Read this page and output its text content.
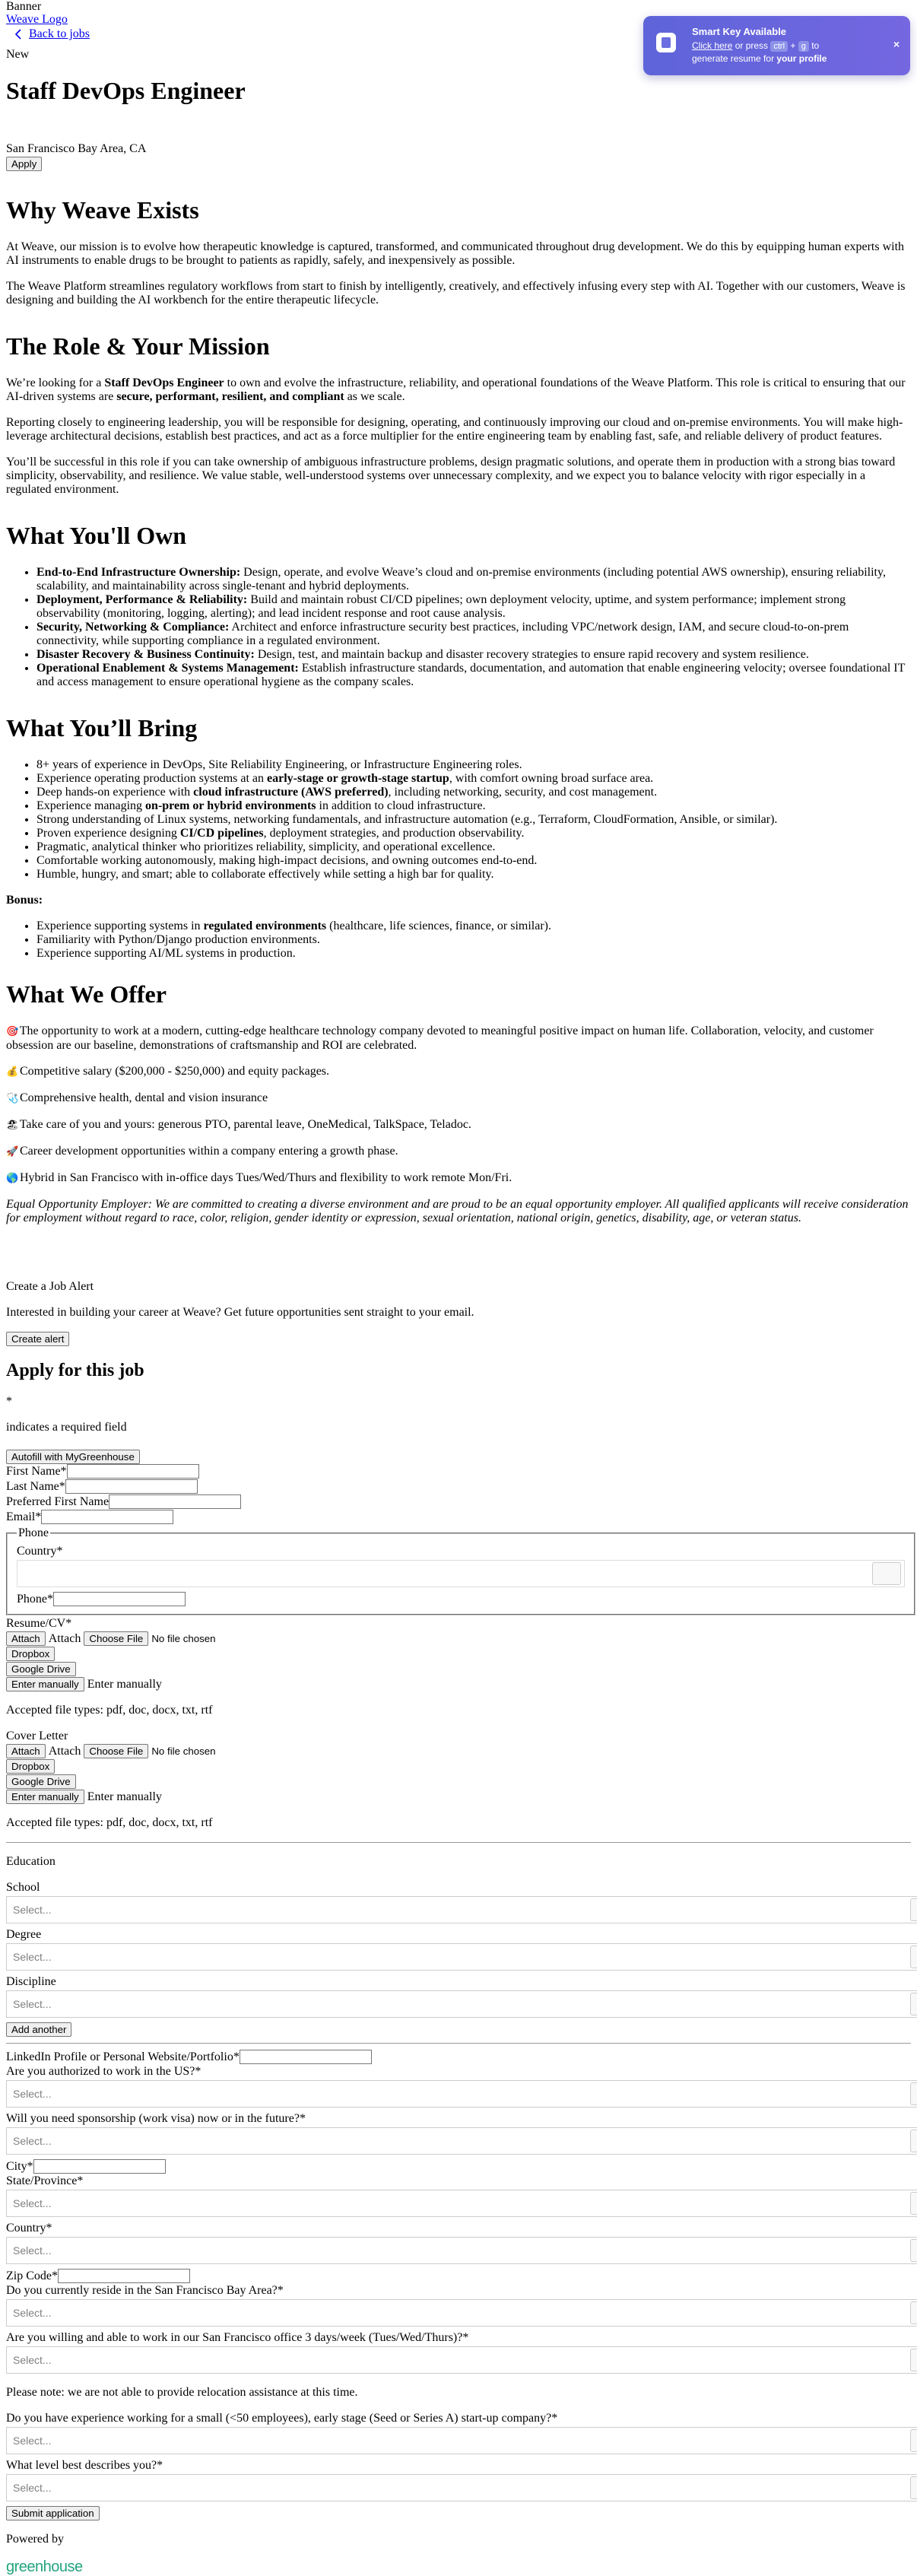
Banner
Weave Logo
Back to jobs
New
Staff DevOps Engineer

San Francisco Bay Area, CA

Apply
Why Weave Exists

At Weave, our mission is to evolve how therapeutic knowledge is captured, transformed, and communicated throughout drug development. We do this by equipping human experts with AI instruments to enable drugs to be brought to patients as rapidly, safely, and inexpensively as possible.

The Weave Platform streamlines regulatory workflows from start to finish by intelligently, creatively, and effectively infusing every step with AI. Together with our customers, Weave is designing and building the AI workbench for the entire therapeutic lifecycle.

The Role & Your Mission

We’re looking for a Staff DevOps Engineer to own and evolve the infrastructure, reliability, and operational foundations of the Weave Platform. This role is critical to ensuring that our AI-driven systems are secure, performant, resilient, and compliant as we scale.

Reporting closely to engineering leadership, you will be responsible for designing, operating, and continuously improving our cloud and on-premise environments. You will make high-leverage architectural decisions, establish best practices, and act as a force multiplier for the entire engineering team by enabling fast, safe, and reliable delivery of product features.

You’ll be successful in this role if you can take ownership of ambiguous infrastructure problems, design pragmatic solutions, and operate them in production with a strong bias toward simplicity, observability, and resilience. We value stable, well-understood systems over unnecessary complexity, and we expect you to balance velocity with rigor especially in a regulated environment.

What You'll Own
• End-to-End Infrastructure Ownership: Design, operate, and evolve Weave’s cloud and on-premise environments (including potential AWS ownership), ensuring reliability, scalability, and maintainability across single-tenant and hybrid deployments.
• Deployment, Performance & Reliability: Build and maintain robust CI/CD pipelines; own deployment velocity, uptime, and system performance; implement strong observability (monitoring, logging, alerting); and lead incident response and root cause analysis.
• Security, Networking & Compliance: Architect and enforce infrastructure security best practices, including VPC/network design, IAM, and secure cloud-to-on-prem connectivity, while supporting compliance in a regulated environment.
• Disaster Recovery & Business Continuity: Design, test, and maintain backup and disaster recovery strategies to ensure rapid recovery and system resilience.
• Operational Enablement & Systems Management: Establish infrastructure standards, documentation, and automation that enable engineering velocity; oversee foundational IT and access management to ensure operational hygiene as the company scales.
What You’ll Bring
• 8+ years of experience in DevOps, Site Reliability Engineering, or Infrastructure Engineering roles.
• Experience operating production systems at an early-stage or growth-stage startup, with comfort owning broad surface area.
• Deep hands-on experience with cloud infrastructure (AWS preferred), including networking, security, and cost management.
• Experience managing on-prem or hybrid environments in addition to cloud infrastructure.
• Strong understanding of Linux systems, networking fundamentals, and infrastructure automation (e.g., Terraform, CloudFormation, Ansible, or similar).
• Proven experience designing CI/CD pipelines, deployment strategies, and production observability.
• Pragmatic, analytical thinker who prioritizes reliability, simplicity, and operational excellence.
• Comfortable working autonomously, making high-impact decisions, and owning outcomes end-to-end.
• Humble, hungry, and smart; able to collaborate effectively while setting a high bar for quality.

Bonus:

• Experience supporting systems in regulated environments (healthcare, life sciences, finance, or similar).
• Familiarity with Python/Django production environments.
• Experience supporting AI/ML systems in production.
What We Offer

🎯 The opportunity to work at a modern, cutting-edge healthcare technology company devoted to meaningful positive impact on human life. Collaboration, velocity, and customer obsession are our baseline, demonstrations of craftsmanship and ROI are celebrated.

💰 Competitive salary ($200,000 - $250,000) and equity packages.

🩺 Comprehensive health, dental and vision insurance

🏖 Take care of you and yours: generous PTO, parental leave, OneMedical, TalkSpace, Teladoc.

🚀 Career development opportunities within a company entering a growth phase.

🌎 Hybrid in San Francisco with in-office days Tues/Wed/Thurs and flexibility to work remote Mon/Fri.

Equal Opportunity Employer: We are committed to creating a diverse environment and are proud to be an equal opportunity employer. All qualified applicants will receive consideration for employment without regard to race, color, religion, gender identity or expression, sexual orientation, national origin, genetics, disability, age, or veteran status.

Create a Job Alert

Interested in building your career at Weave? Get future opportunities sent straight to your email.

Create alert
Apply for this job

*

indicates a required field

Autofill with MyGreenhouse
First Name*
Last Name*
Preferred First Name
Email*
Phone
Country*
Phone*
Resume/CV*
Attach Attach Choose File No file chosen
Dropbox
Google Drive
Enter manually Enter manually

Accepted file types: pdf, doc, docx, txt, rtf

Cover Letter
Attach Attach Choose File No file chosen
Dropbox
Google Drive
Enter manually Enter manually

Accepted file types: pdf, doc, docx, txt, rtf

Education

School
Select...
Degree
Select...
Discipline
Select...
Add another
LinkedIn Profile or Personal Website/Portfolio*
Are you authorized to work in the US?*
Select...
Will you need sponsorship (work visa) now or in the future?*
Select...
City*
State/Province*
Select...
Country*
Select...
Zip Code*
Do you currently reside in the San Francisco Bay Area?*
Select...
Are you willing and able to work in our San Francisco office 3 days/week (Tues/Wed/Thurs)?*
Select...

Please note: we are not able to provide relocation assistance at this time.

Do you have experience working for a small (<50 employees), early stage (Seed or Series A) start-up company?*
Select...
What level best describes you?*
Select...
Submit application

Powered by

greenhouse
Smart Key Available
Click here or press ctrl + g to
generate resume for your profile
×
